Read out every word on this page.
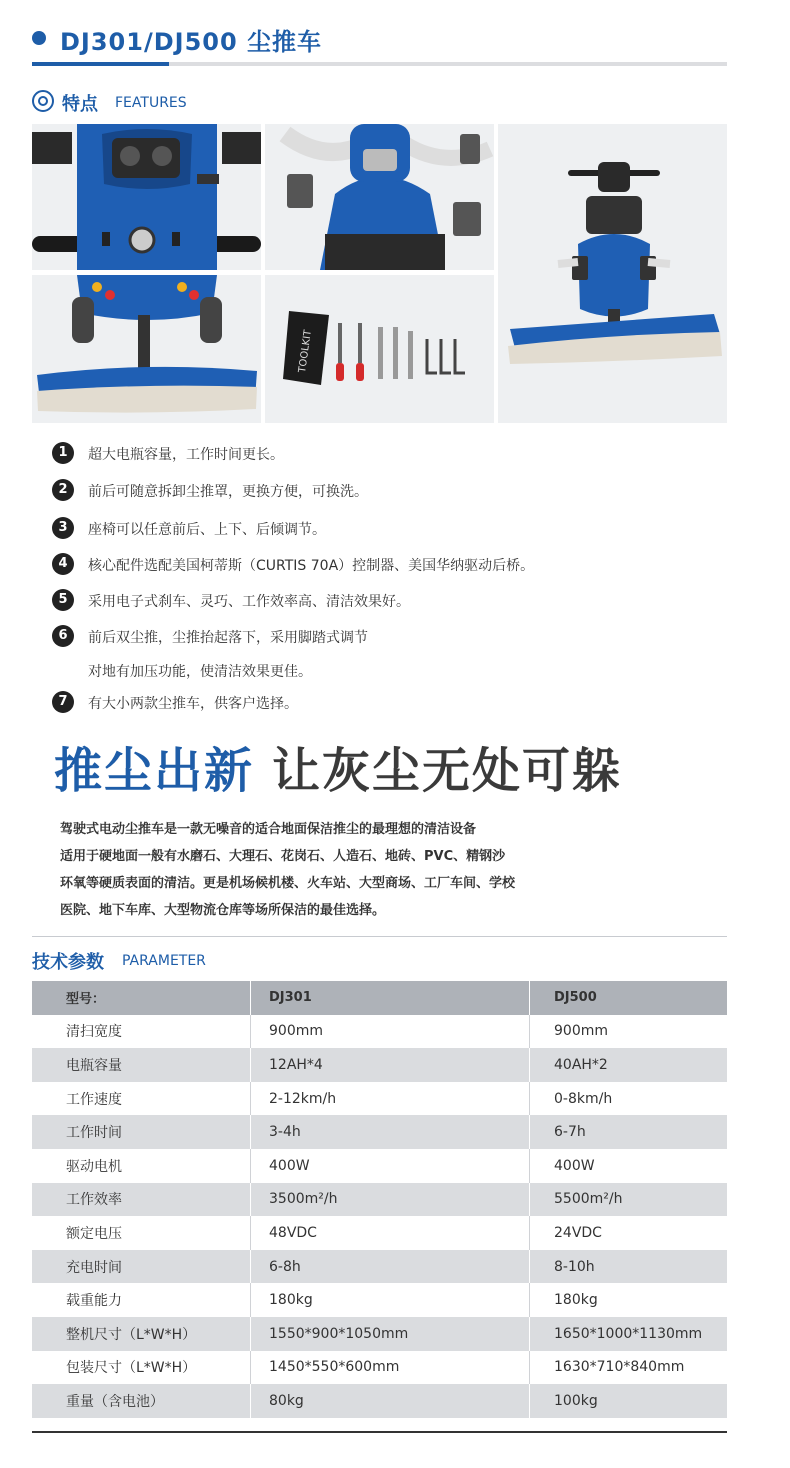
DJ301/DJ500 尘推车
特点 FEATURES
TOOLKIT
1	超大电瓶容量，工作时间更长。
2	前后可随意拆卸尘推罩，更换方便，可换洗。
3	座椅可以任意前后、上下、后倾调节。
4	核心配件选配美国柯蒂斯（CURTIS 70A）控制器、美国华纳驱动后桥。
5	采用电子式刹车、灵巧、工作效率高、清洁效果好。
6	前后双尘推，尘推抬起落下，采用脚踏式调节
对地有加压功能，使清洁效果更佳。
7	有大小两款尘推车，供客户选择。
推尘出新 让灰尘无处可躲
驾驶式电动尘推车是一款无噪音的适合地面保洁推尘的最理想的清洁设备
适用于硬地面一般有水磨石、大理石、花岗石、人造石、地砖、PVC、精钢沙
环氧等硬质表面的清洁。更是机场候机楼、火车站、大型商场、工厂车间、学校
医院、地下车库、大型物流仓库等场所保洁的最佳选择。
技术参数 PARAMETER
型号：	DJ301	DJ500
清扫宽度	900mm	900mm
电瓶容量	12AH*4	40AH*2
工作速度	2-12km/h	0-8km/h
工作时间	3-4h	6-7h
驱动电机	400W	400W
工作效率	3500m²/h	5500m²/h
额定电压	48VDC	24VDC
充电时间	6-8h	8-10h
载重能力	180kg	180kg
整机尺寸（L*W*H）	1550*900*1050mm	1650*1000*1130mm
包装尺寸（L*W*H）	1450*550*600mm	1630*710*840mm
重量（含电池）	80kg	100kg
